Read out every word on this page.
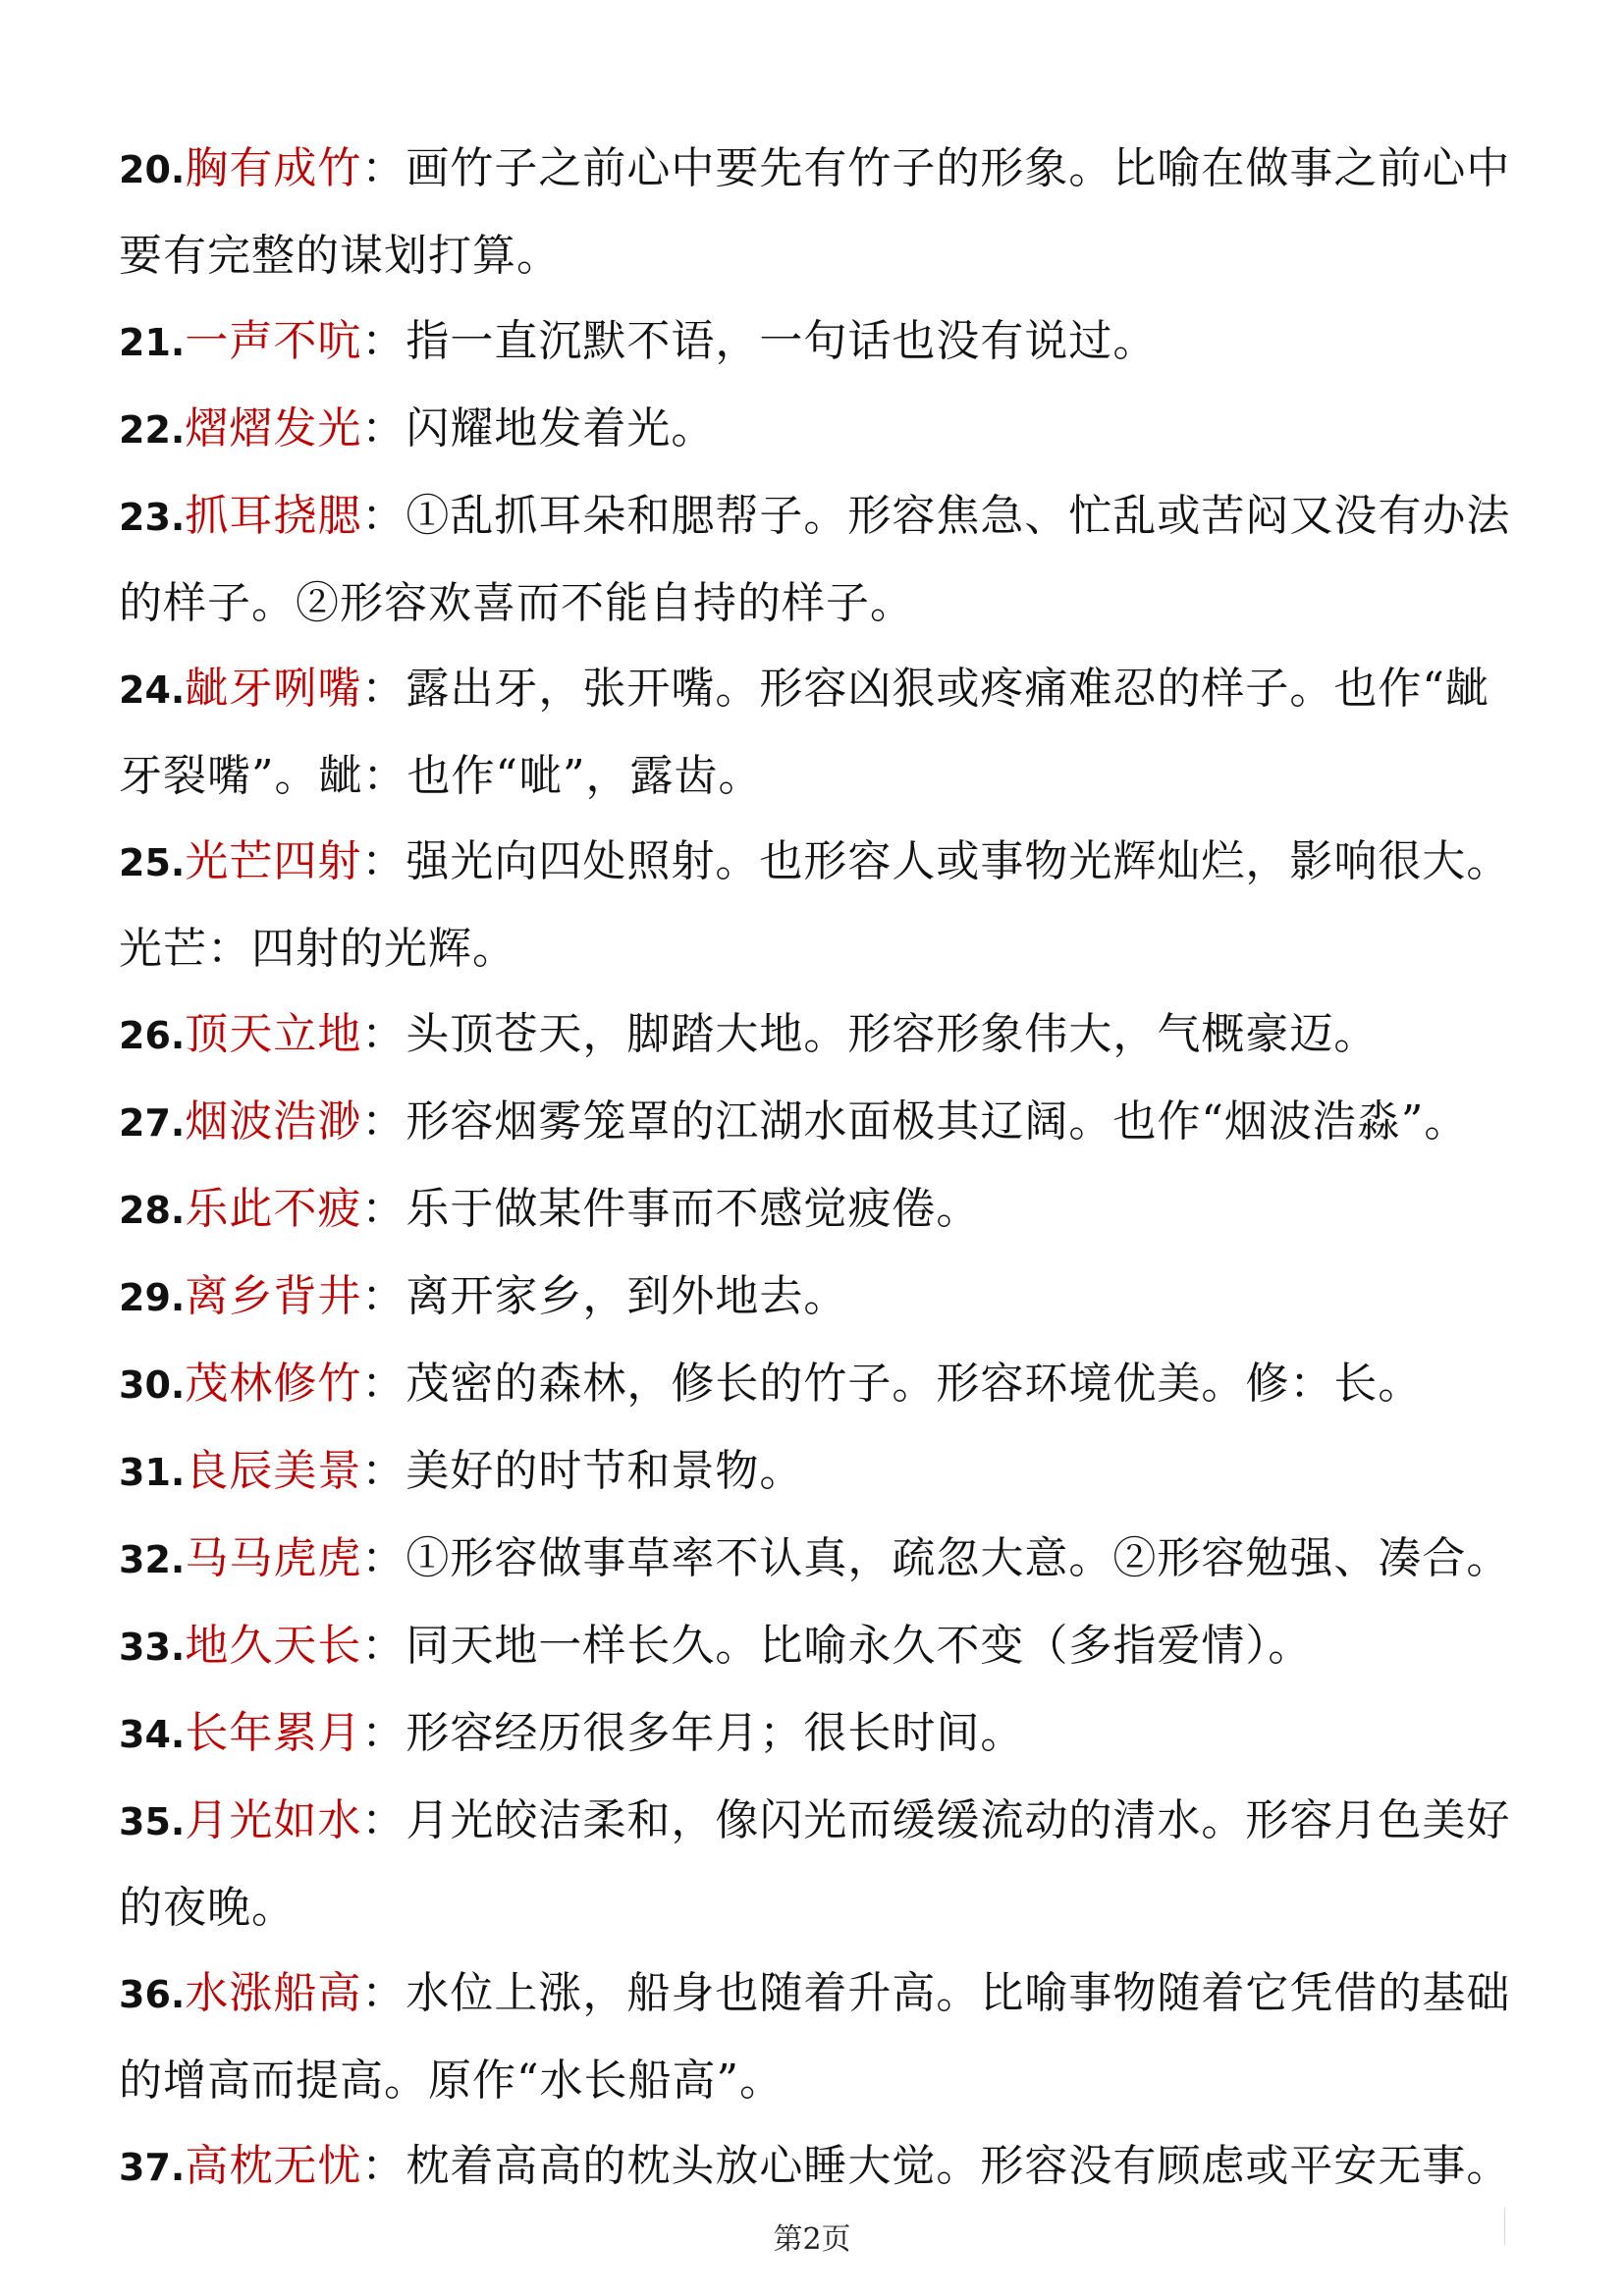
20.胸有成竹：画竹子之前心中要先有竹子的形象。比喻在做事之前心中要有完整的谋划打算。

21.一声不吭：指一直沉默不语，一句话也没有说过。

22.熠熠发光：闪耀地发着光。

23.抓耳挠腮：①乱抓耳朵和腮帮子。形容焦急、忙乱或苦闷又没有办法的样子。②形容欢喜而不能自持的样子。

24.龇牙咧嘴：露出牙，张开嘴。形容凶狠或疼痛难忍的样子。也作“龇牙裂嘴”。龇：也作“呲”，露齿。

25.光芒四射：强光向四处照射。也形容人或事物光辉灿烂，影响很大。光芒：四射的光辉。

26.顶天立地：头顶苍天，脚踏大地。形容形象伟大，气概豪迈。

27.烟波浩渺：形容烟雾笼罩的江湖水面极其辽阔。也作“烟波浩淼”。

28.乐此不疲：乐于做某件事而不感觉疲倦。

29.离乡背井：离开家乡，到外地去。

30.茂林修竹：茂密的森林，修长的竹子。形容环境优美。修：长。

31.良辰美景：美好的时节和景物。

32.马马虎虎：①形容做事草率不认真，疏忽大意。②形容勉强、凑合。

33.地久天长：同天地一样长久。比喻永久不变（多指爱情）。

34.长年累月：形容经历很多年月；很长时间。

35.月光如水：月光皎洁柔和，像闪光而缓缓流动的清水。形容月色美好的夜晚。

36.水涨船高：水位上涨，船身也随着升高。比喻事物随着它凭借的基础的增高而提高。原作“水长船高”。

37.高枕无忧：枕着高高的枕头放心睡大觉。形容没有顾虑或平安无事。

第2页
